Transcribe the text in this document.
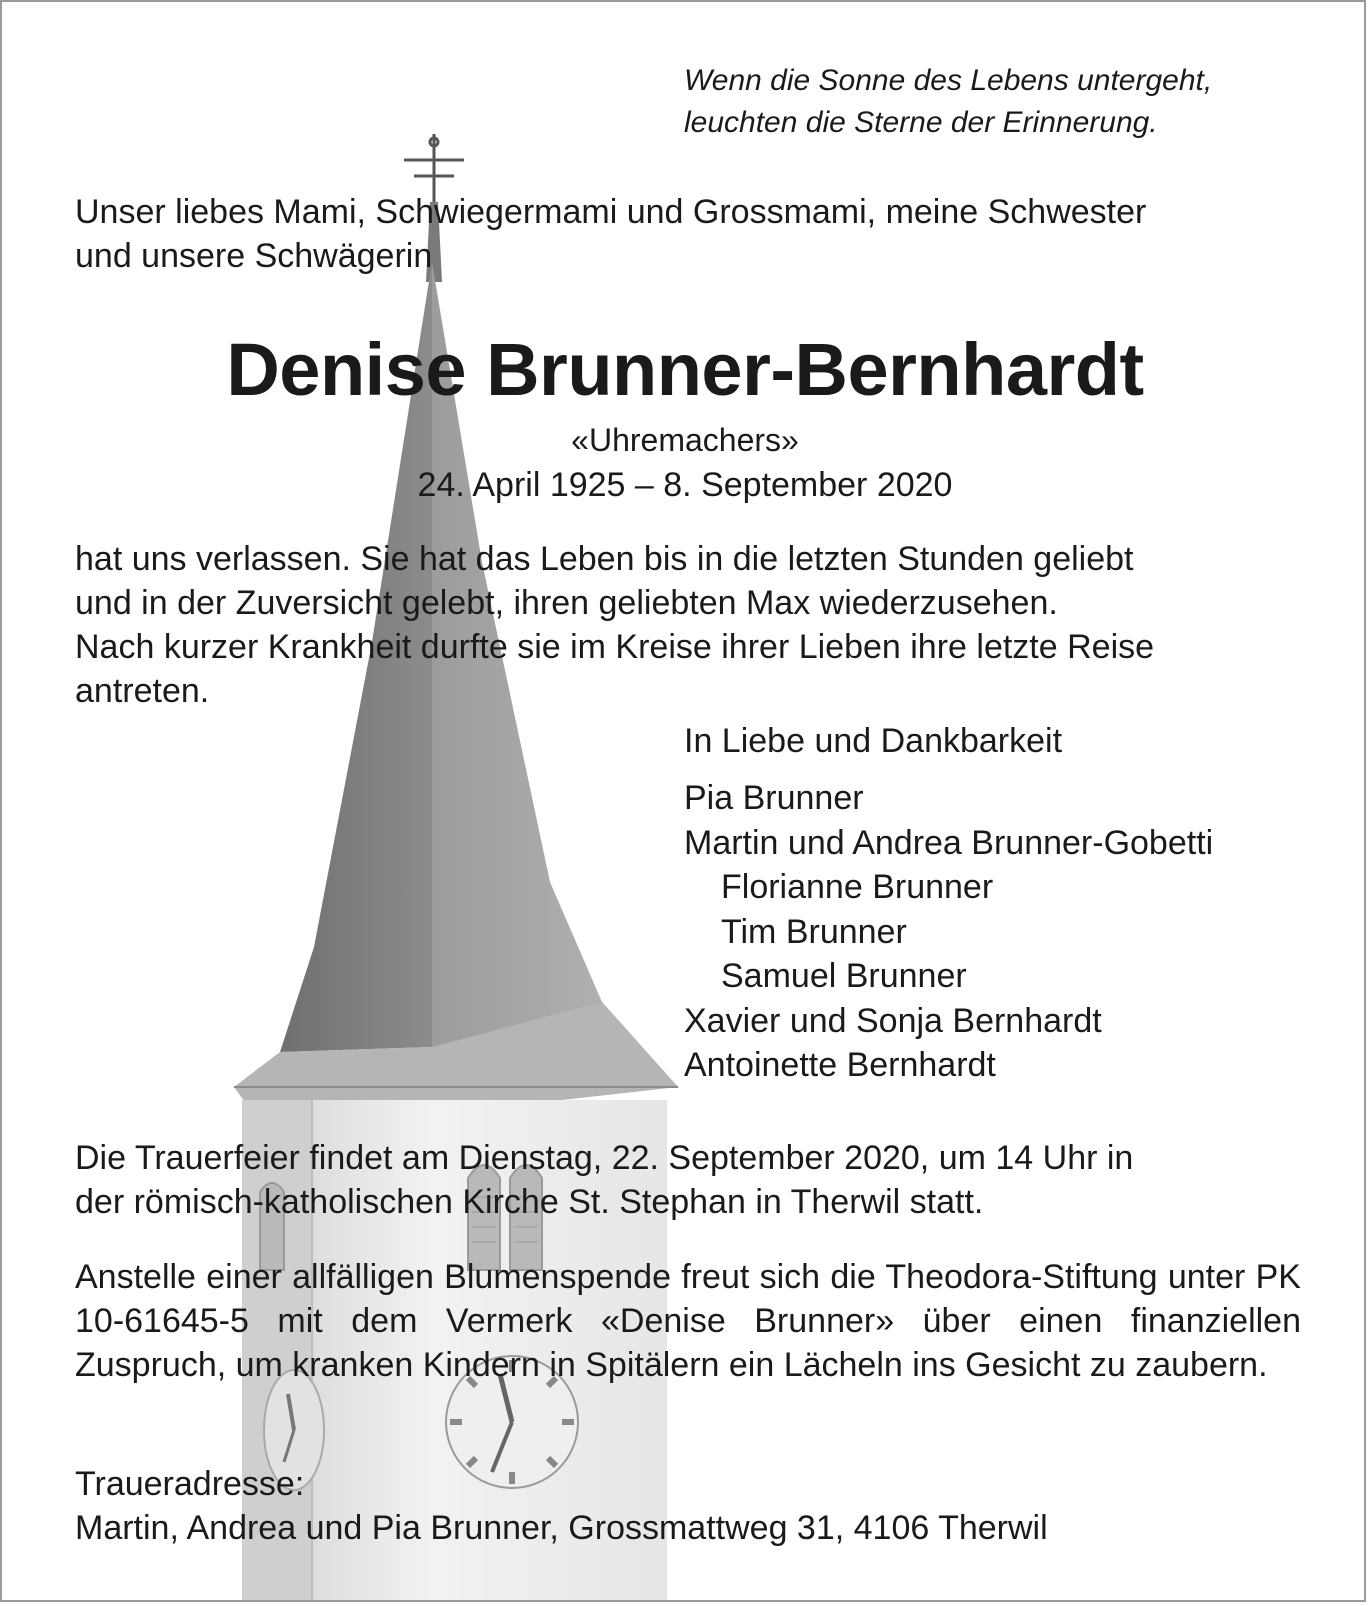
Wenn die Sonne des Lebens untergeht,
leuchten die Sterne der Erinnerung.

Unser liebes Mami, Schwiegermami und Grossmami, meine Schwester
und unsere Schwägerin

Denise Brunner-Bernhardt

«Uhremachers»

24. April 1925 – 8. September 2020

hat uns verlassen. Sie hat das Leben bis in die letzten Stunden geliebt
und in der Zuversicht gelebt, ihren geliebten Max wiederzusehen.
Nach kurzer Krankheit durfte sie im Kreise ihrer Lieben ihre letzte Reise
antreten.

In Liebe und Dankbarkeit

Pia Brunner
Martin und Andrea Brunner-Gobetti
Florianne Brunner
Tim Brunner
Samuel Brunner
Xavier und Sonja Bernhardt
Antoinette Bernhardt

Die Trauerfeier findet am Dienstag, 22. September 2020, um 14 Uhr in
der römisch-katholischen Kirche St. Stephan in Therwil statt.

Anstelle einer allfälligen Blumenspende freut sich die Theodora-Stiftung unter PK 10-61645-5 mit dem Vermerk «Denise Brunner» über einen finanziellen Zuspruch, um kranken Kindern in Spitälern ein Lächeln ins Gesicht zu zaubern.

Traueradresse:

Martin, Andrea und Pia Brunner, Grossmattweg 31, 4106 Therwil
